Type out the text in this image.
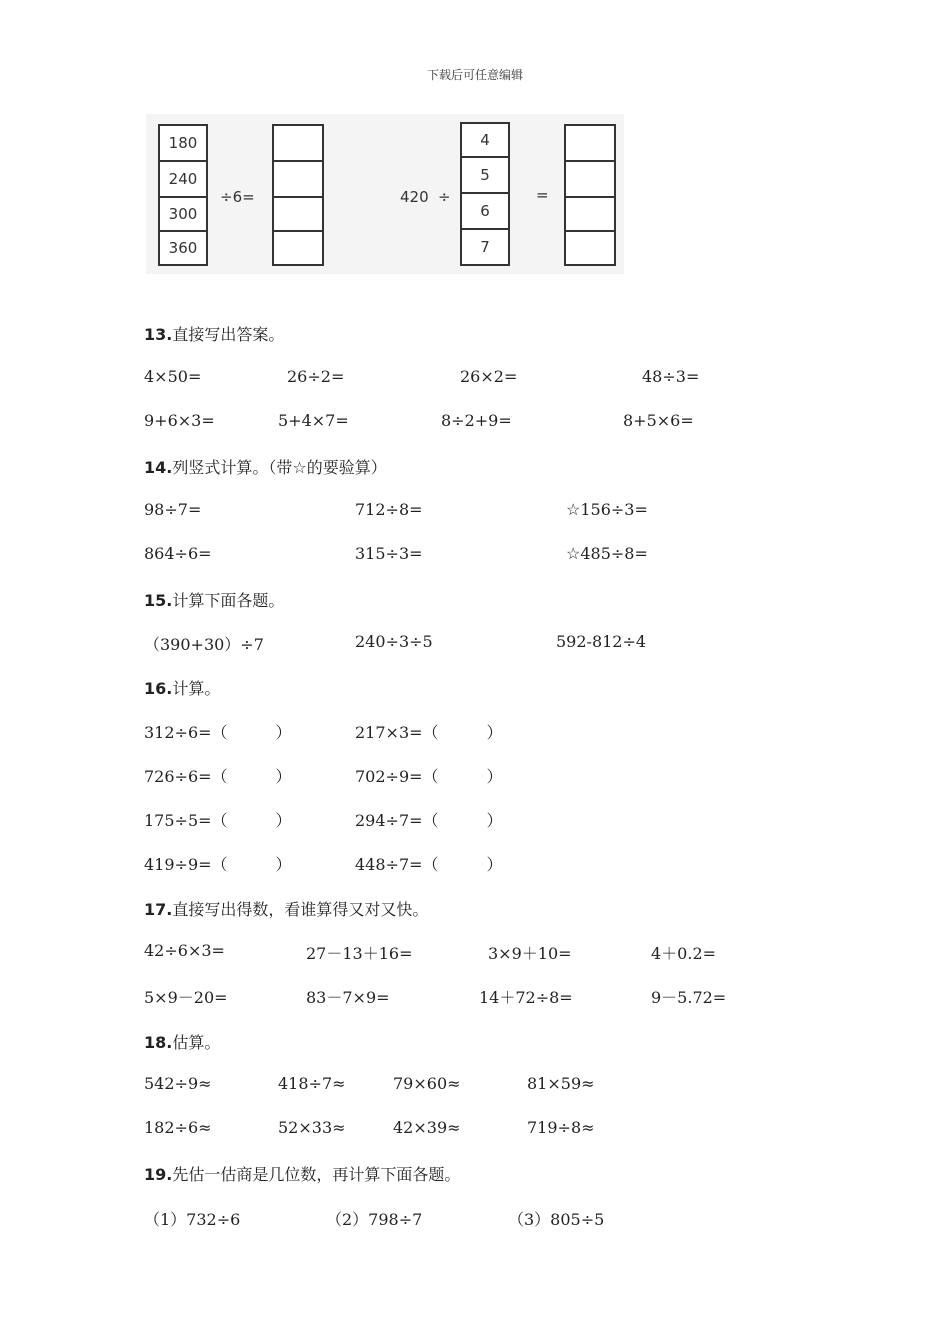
下载后可任意编辑
180
240
300
360
÷6=	420 ÷
4
5
6
7
=
13.直接写出答案。
4×50=	26÷2=	26×2=	48÷3=
9+6×3=	5+4×7=	8÷2+9=	8+5×6=
14.列竖式计算。（带☆的要验算）
98÷7=	712÷8=	☆156÷3=
864÷6=	315÷3=	☆485÷8=
15.计算下面各题。
（390+30）÷7	240÷3÷5	592-812÷4
16.计算。
312÷6=（　　　）	217×3=（　　　）
726÷6=（　　　）	702÷9=（　　　）
175÷5=（　　　）	294÷7=（　　　）
419÷9=（　　　）	448÷7=（　　　）
17.直接写出得数，看谁算得又对又快。
42÷6×3=	27－13＋16=	3×9＋10=	4＋0.2=
5×9－20=	83－7×9=	14＋72÷8=	9－5.72=
18.估算。
542÷9≈	418÷7≈	79×60≈	81×59≈
182÷6≈	52×33≈	42×39≈	719÷8≈
19.先估一估商是几位数，再计算下面各题。
（1）732÷6	（2）798÷7	（3）805÷5
